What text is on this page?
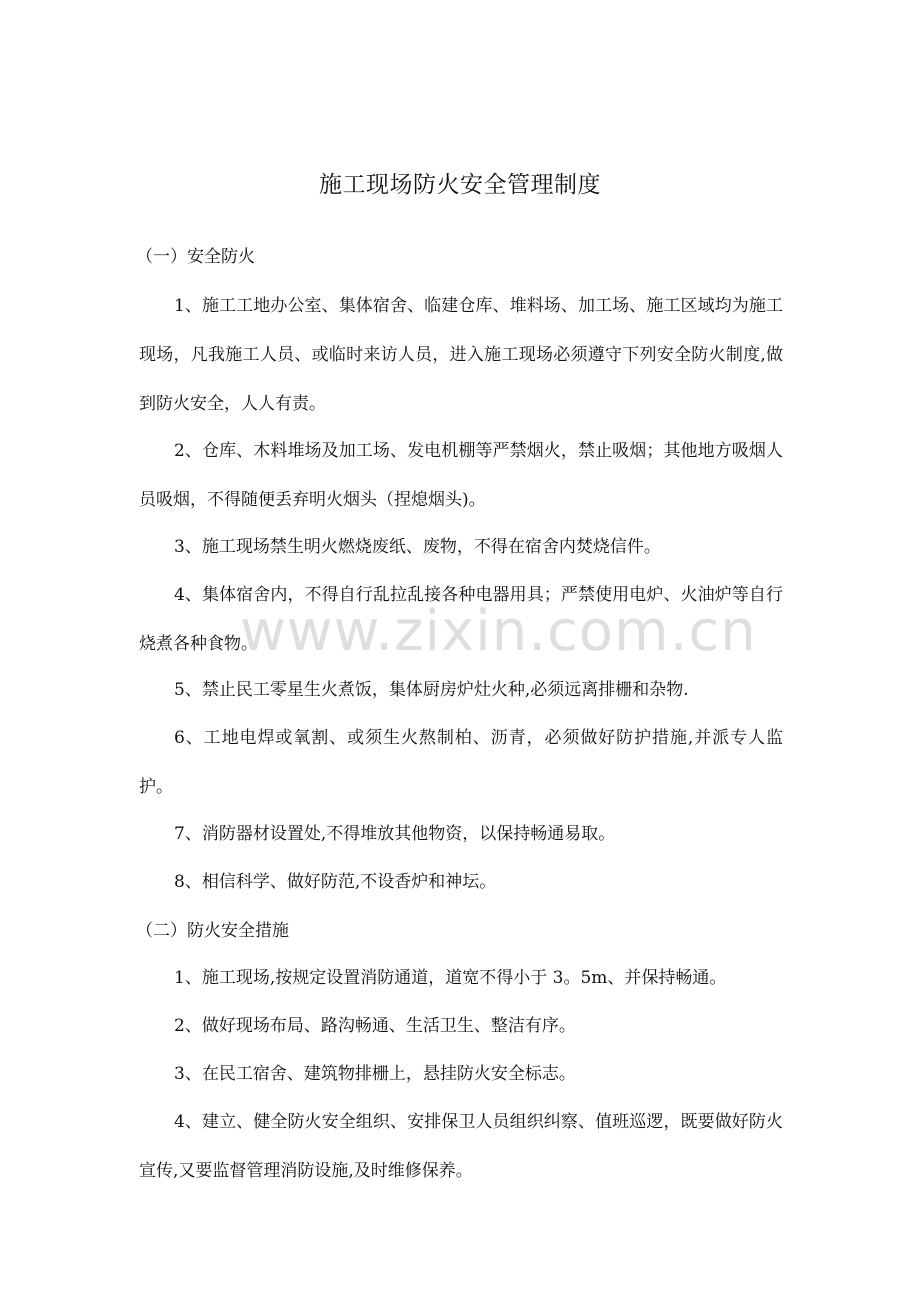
www.zixin.com.cn
施工现场防火安全管理制度
（一）安全防火
1、施工工地办公室、集体宿舍、临建仓库、堆料场、加工场、施工区域均为施工现场，凡我施工人员、或临时来访人员，进入施工现场必须遵守下列安全防火制度,做到防火安全，人人有责。
2、仓库、木料堆场及加工场、发电机棚等严禁烟火，禁止吸烟；其他地方吸烟人员吸烟，不得随便丢弃明火烟头（捏熄烟头)。
3、施工现场禁生明火燃烧废纸、废物，不得在宿舍内焚烧信件。
4、集体宿舍内，不得自行乱拉乱接各种电器用具；严禁使用电炉、火油炉等自行烧煮各种食物。
5、禁止民工零星生火煮饭，集体厨房炉灶火种,必须远离排栅和杂物.
6、工地电焊或氧割、或须生火熬制柏、沥青，必须做好防护措施,并派专人监护。
7、消防器材设置处,不得堆放其他物资，以保持畅通易取。
8、相信科学、做好防范,不设香炉和神坛。
（二）防火安全措施
1、施工现场,按规定设置消防通道，道宽不得小于 3。5m、并保持畅通。
2、做好现场布局、路沟畅通、生活卫生、整洁有序。
3、在民工宿舍、建筑物排栅上，悬挂防火安全标志。
4、建立、健全防火安全组织、安排保卫人员组织纠察、值班巡逻，既要做好防火宣传,又要监督管理消防设施,及时维修保养。
